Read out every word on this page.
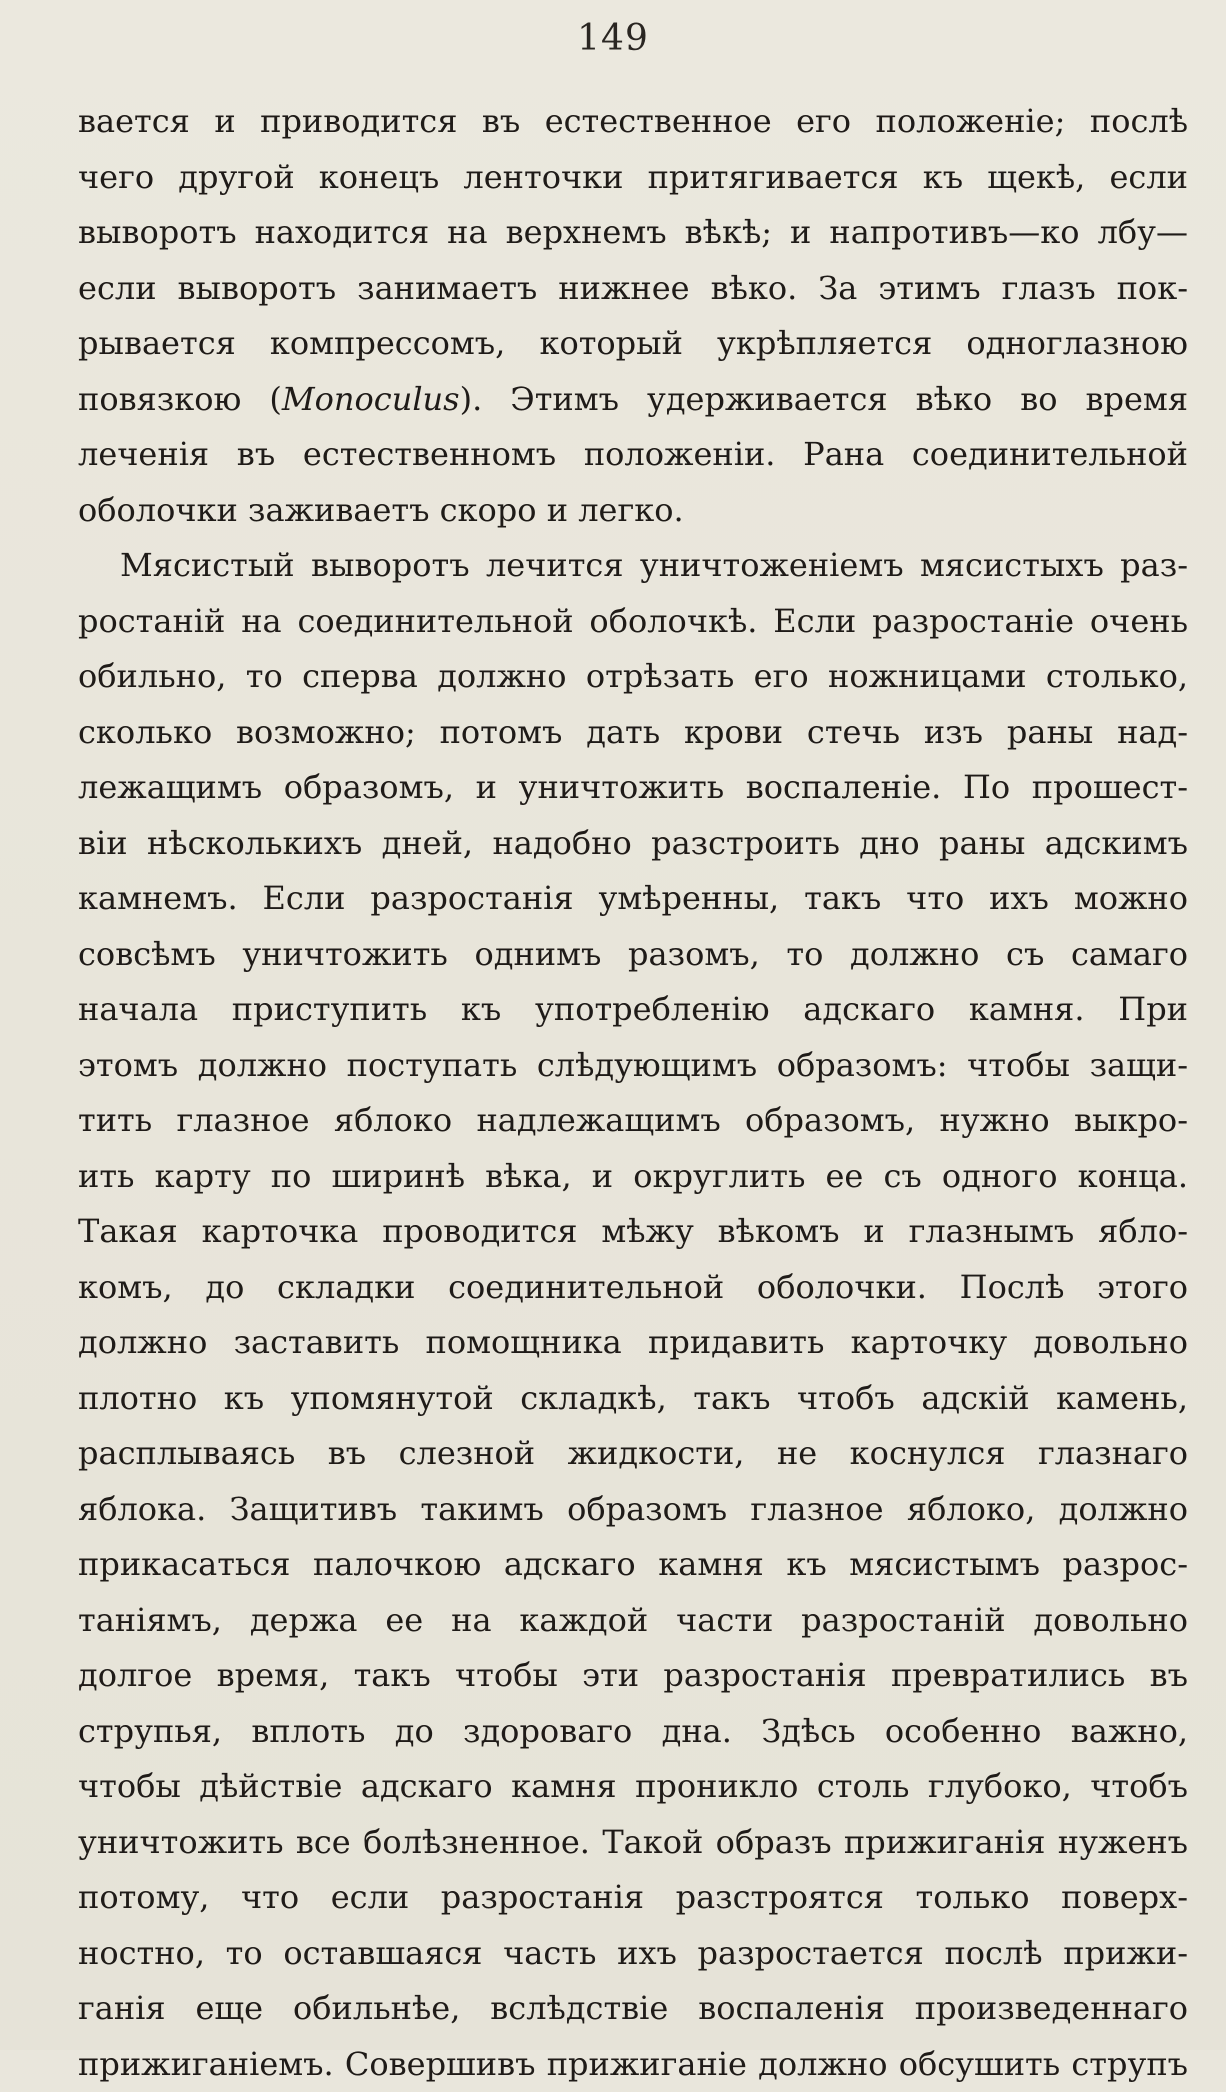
149
вается и приводится въ естественное его положеніе; послѣ
чего другой конецъ ленточки притягивается къ щекѣ, если
выворотъ находится на верхнемъ вѣкѣ; и напротивъ—ко лбу—
если выворотъ занимаетъ нижнее вѣко. За этимъ глазъ пок-
рывается компрессомъ, который укрѣпляется одноглазною
повязкою (Monoculus). Этимъ удерживается вѣко во время
леченія въ естественномъ положеніи. Рана соединительной
оболочки заживаетъ скоро и легко.
Мясистый выворотъ лечится уничтоженіемъ мясистыхъ раз-
ростаній на соединительной оболочкѣ. Если разростаніе очень
обильно, то сперва должно отрѣзать его ножницами столько,
сколько возможно; потомъ дать крови стечь изъ раны над-
лежащимъ образомъ, и уничтожить воспаленіе. По прошест-
віи нѣсколькихъ дней, надобно разстроить дно раны адскимъ
камнемъ. Если разростанія умѣренны, такъ что ихъ можно
совсѣмъ уничтожить однимъ разомъ, то должно съ самаго
начала приступить къ употребленію адскаго камня. При
этомъ должно поступать слѣдующимъ образомъ: чтобы защи-
тить глазное яблоко надлежащимъ образомъ, нужно выкро-
ить карту по ширинѣ вѣка, и округлить ее съ одного конца.
Такая карточка проводится мѣжу вѣкомъ и глазнымъ ябло-
комъ, до складки соединительной оболочки. Послѣ этого
должно заставить помощника придавить карточку довольно
плотно къ упомянутой складкѣ, такъ чтобъ адскій камень,
расплываясь въ слезной жидкости, не коснулся глазнаго
яблока. Защитивъ такимъ образомъ глазное яблоко, должно
прикасаться палочкою адскаго камня къ мясистымъ разрос-
таніямъ, держа ее на каждой части разростаній довольно
долгое время, такъ чтобы эти разростанія превратились въ
струпья, вплоть до здороваго дна. Здѣсь особенно важно,
чтобы дѣйствіе адскаго камня проникло столь глубоко, чтобъ
уничтожить все болѣзненное. Такой образъ прижиганія нуженъ
потому, что если разростанія разстроятся только поверх-
ностно, то оставшаяся часть ихъ разростается послѣ прижи-
ганія еще обильнѣе, вслѣдствіе воспаленія произведеннаго
прижиганіемъ. Совершивъ прижиганіе должно обсушить струпъ
